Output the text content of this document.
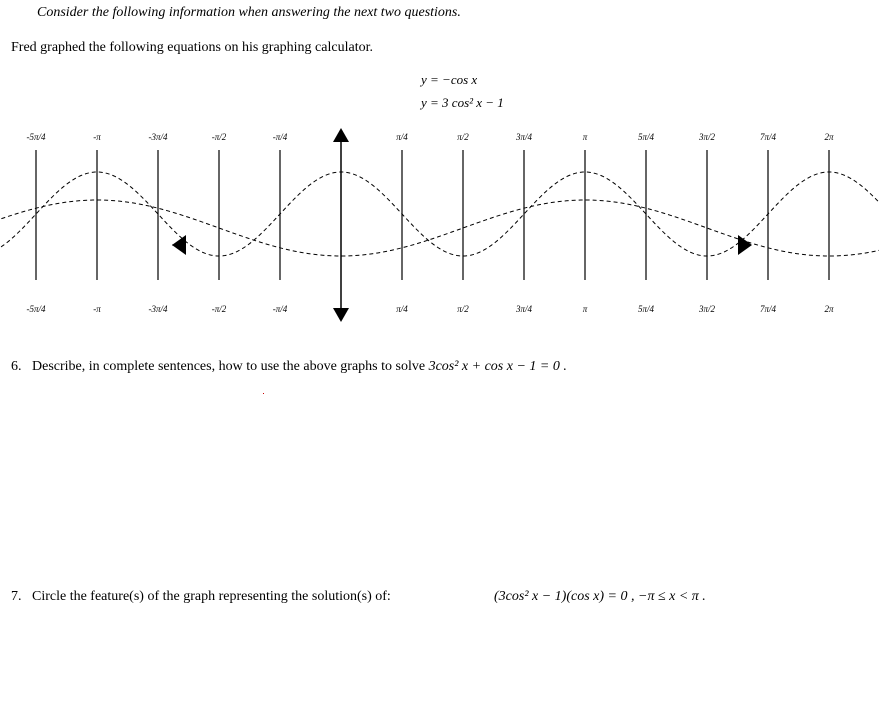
Consider the following information when answering the next two questions.
Fred graphed the following equations on his graphing calculator.
y = −cos x
y = 3 cos² x − 1
-5π/4	-π	-3π/4	-π/2	-π/4	π/4	π/2	3π/4	π	5π/4	3π/2	7π/4	2π
-5π/4	-π	-3π/4	-π/2	-π/4	π/4	π/2	3π/4	π	5π/4	3π/2	7π/4	2π
6. Describe, in complete sentences, how to use the above graphs to solve 3cos² x + cos x − 1 = 0 .
7. Circle the feature(s) of the graph representing the solution(s) of:	(3cos² x − 1)(cos x) = 0 , −π ≤ x < π .
